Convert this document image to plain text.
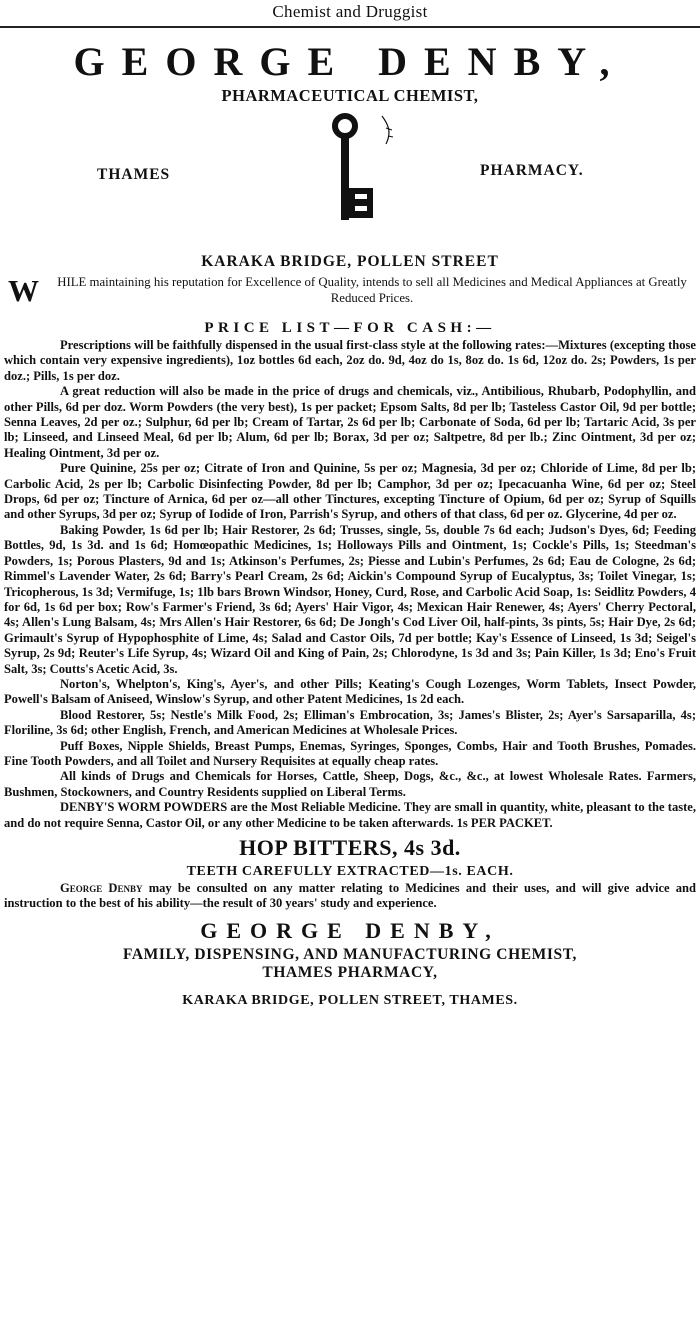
Chemist and Druggist
GEORGE DENBY,
PHARMACEUTICAL CHEMIST,
THAMES	PHARMACY.
KARAKA BRIDGE, POLLEN STREET
W	HILE maintaining his reputation for Excellence of Quality, intends to sell all Medicines and Medical Appliances at Greatly Reduced Prices.
PRICE LIST—FOR CASH:—

Prescriptions will be faithfully dispensed in the usual first-class style at the following rates:—Mixtures (excepting those which contain very expensive ingredients), 1oz bottles 6d each, 2oz do. 9d, 4oz do 1s, 8oz do. 1s 6d, 12oz do. 2s; Powders, 1s per doz.; Pills, 1s per doz.

A great reduction will also be made in the price of drugs and chemicals, viz., Antibilious, Rhubarb, Podophyllin, and other Pills, 6d per doz. Worm Powders (the very best), 1s per packet; Epsom Salts, 8d per lb; Tasteless Castor Oil, 9d per bottle; Senna Leaves, 2d per oz.; Sulphur, 6d per lb; Cream of Tartar, 2s 6d per lb; Carbonate of Soda, 6d per lb; Tartaric Acid, 3s per lb; Linseed, and Linseed Meal, 6d per lb; Alum, 6d per lb; Borax, 3d per oz; Saltpetre, 8d per lb.; Zinc Ointment, 3d per oz; Healing Ointment, 3d per oz.

Pure Quinine, 25s per oz; Citrate of Iron and Quinine, 5s per oz; Magnesia, 3d per oz; Chloride of Lime, 8d per lb; Carbolic Acid, 2s per lb; Carbolic Disinfecting Powder, 8d per lb; Camphor, 3d per oz; Ipecacuanha Wine, 6d per oz; Steel Drops, 6d per oz; Tincture of Arnica, 6d per oz—all other Tinctures, excepting Tincture of Opium, 6d per oz; Syrup of Squills and other Syrups, 3d per oz; Syrup of Iodide of Iron, Parrish's Syrup, and others of that class, 6d per oz. Glycerine, 4d per oz.

Baking Powder, 1s 6d per lb; Hair Restorer, 2s 6d; Trusses, single, 5s, double 7s 6d each; Judson's Dyes, 6d; Feeding Bottles, 9d, 1s 3d. and 1s 6d; Homœopathic Medicines, 1s; Holloways Pills and Ointment, 1s; Cockle's Pills, 1s; Steedman's Powders, 1s; Porous Plasters, 9d and 1s; Atkinson's Perfumes, 2s; Piesse and Lubin's Perfumes, 2s 6d; Eau de Cologne, 2s 6d; Rimmel's Lavender Water, 2s 6d; Barry's Pearl Cream, 2s 6d; Aickin's Compound Syrup of Eucalyptus, 3s; Toilet Vinegar, 1s; Tricopherous, 1s 3d; Vermifuge, 1s; 1lb bars Brown Windsor, Honey, Curd, Rose, and Carbolic Acid Soap, 1s: Seidlitz Powders, 4 for 6d, 1s 6d per box; Row's Farmer's Friend, 3s 6d; Ayers' Hair Vigor, 4s; Mexican Hair Renewer, 4s; Ayers' Cherry Pectoral, 4s; Allen's Lung Balsam, 4s; Mrs Allen's Hair Restorer, 6s 6d; De Jongh's Cod Liver Oil, half-pints, 3s pints, 5s; Hair Dye, 2s 6d; Grimault's Syrup of Hypophosphite of Lime, 4s; Salad and Castor Oils, 7d per bottle; Kay's Essence of Linseed, 1s 3d; Seigel's Syrup, 2s 9d; Reuter's Life Syrup, 4s; Wizard Oil and King of Pain, 2s; Chlorodyne, 1s 3d and 3s; Pain Killer, 1s 3d; Eno's Fruit Salt, 3s; Coutts's Acetic Acid, 3s.

Norton's, Whelpton's, King's, Ayer's, and other Pills; Keating's Cough Lozenges, Worm Tablets, Insect Powder, Powell's Balsam of Aniseed, Winslow's Syrup, and other Patent Medicines, 1s 2d each.

Blood Restorer, 5s; Nestle's Milk Food, 2s; Elliman's Embrocation, 3s; James's Blister, 2s; Ayer's Sarsaparilla, 4s; Floriline, 3s 6d; other English, French, and American Medicines at Wholesale Prices.

Puff Boxes, Nipple Shields, Breast Pumps, Enemas, Syringes, Sponges, Combs, Hair and Tooth Brushes, Pomades. Fine Tooth Powders, and all Toilet and Nursery Requisites at equally cheap rates.

All kinds of Drugs and Chemicals for Horses, Cattle, Sheep, Dogs, &c., &c., at lowest Wholesale Rates. Farmers, Bushmen, Stockowners, and Country Residents supplied on Liberal Terms.

DENBY'S WORM POWDERS are the Most Reliable Medicine. They are small in quantity, white, pleasant to the taste, and do not require Senna, Castor Oil, or any other Medicine to be taken afterwards. 1s PER PACKET.

HOP BITTERS, 4s 3d.
TEETH CAREFULLY EXTRACTED—1s. EACH.

George Denby may be consulted on any matter relating to Medicines and their uses, and will give advice and instruction to the best of his ability—the result of 30 years' study and experience.

GEORGE DENBY,
FAMILY, DISPENSING, AND MANUFACTURING CHEMIST,
THAMES PHARMACY,
KARAKA BRIDGE, POLLEN STREET, THAMES.
